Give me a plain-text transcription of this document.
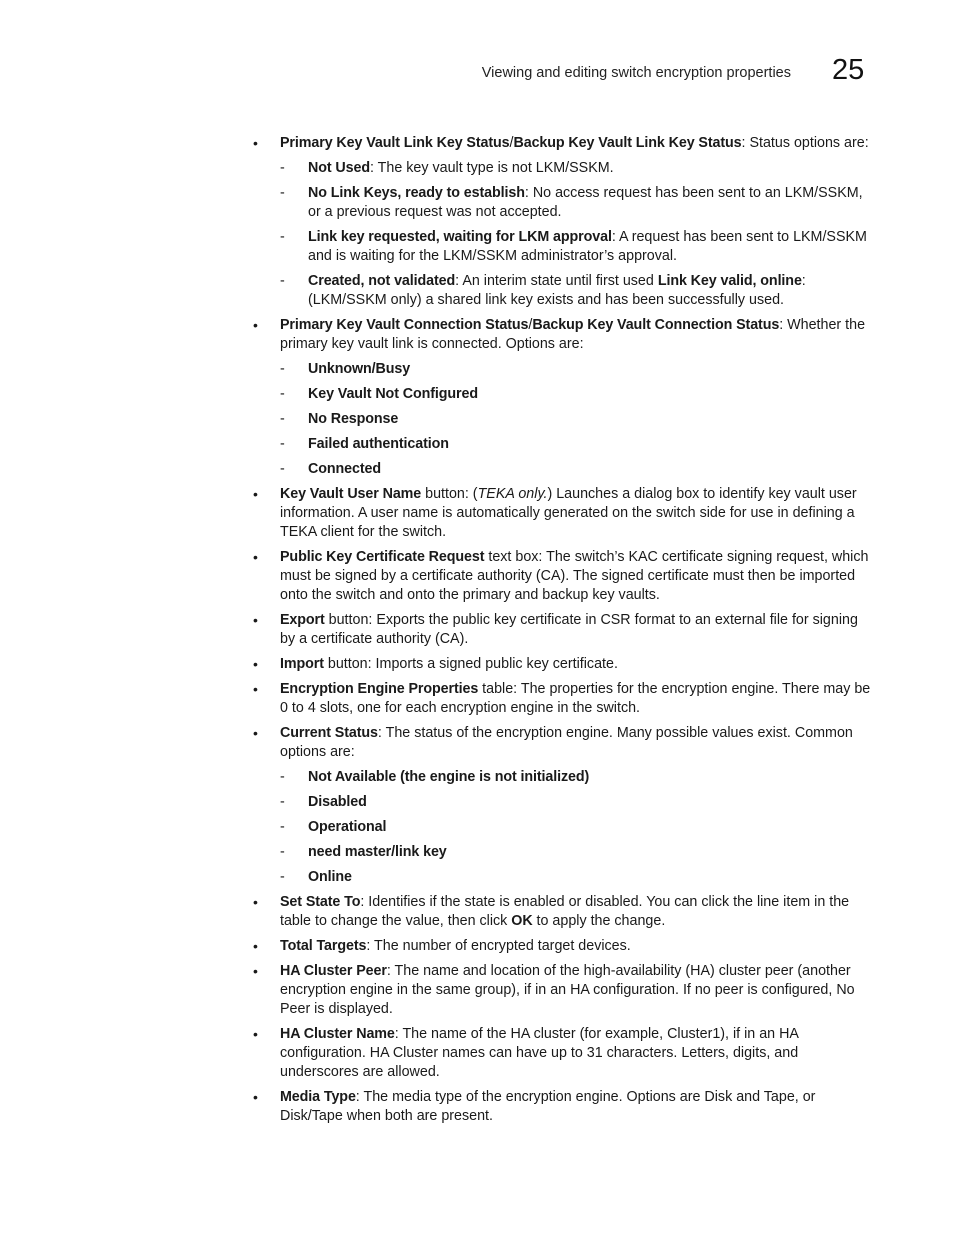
Viewing and editing switch encryption properties 25
• Primary Key Vault Link Key Status/Backup Key Vault Link Key Status: Status options are:
- Not Used: The key vault type is not LKM/SSKM.
- No Link Keys, ready to establish: No access request has been sent to an LKM/SSKM, or a previous request was not accepted.
- Link key requested, waiting for LKM approval: A request has been sent to LKM/SSKM and is waiting for the LKM/SSKM administrator’s approval.
- Created, not validated: An interim state until first used Link Key valid, online: (LKM/SSKM only) a shared link key exists and has been successfully used.
• Primary Key Vault Connection Status/Backup Key Vault Connection Status: Whether the primary key vault link is connected. Options are:
- Unknown/Busy
- Key Vault Not Configured
- No Response
- Failed authentication
- Connected
• Key Vault User Name button: (TEKA only.) Launches a dialog box to identify key vault user information. A user name is automatically generated on the switch side for use in defining a TEKA client for the switch.
• Public Key Certificate Request text box: The switch’s KAC certificate signing request, which must be signed by a certificate authority (CA). The signed certificate must then be imported onto the switch and onto the primary and backup key vaults.
• Export button: Exports the public key certificate in CSR format to an external file for signing by a certificate authority (CA).
• Import button: Imports a signed public key certificate.
• Encryption Engine Properties table: The properties for the encryption engine. There may be 0 to 4 slots, one for each encryption engine in the switch.
• Current Status: The status of the encryption engine. Many possible values exist. Common options are:
- Not Available (the engine is not initialized)
- Disabled
- Operational
- need master/link key
- Online
• Set State To: Identifies if the state is enabled or disabled. You can click the line item in the table to change the value, then click OK to apply the change.
• Total Targets: The number of encrypted target devices.
• HA Cluster Peer: The name and location of the high-availability (HA) cluster peer (another encryption engine in the same group), if in an HA configuration. If no peer is configured, No Peer is displayed.
• HA Cluster Name: The name of the HA cluster (for example, Cluster1), if in an HA configuration. HA Cluster names can have up to 31 characters. Letters, digits, and underscores are allowed.
• Media Type: The media type of the encryption engine. Options are Disk and Tape, or Disk/Tape when both are present.
